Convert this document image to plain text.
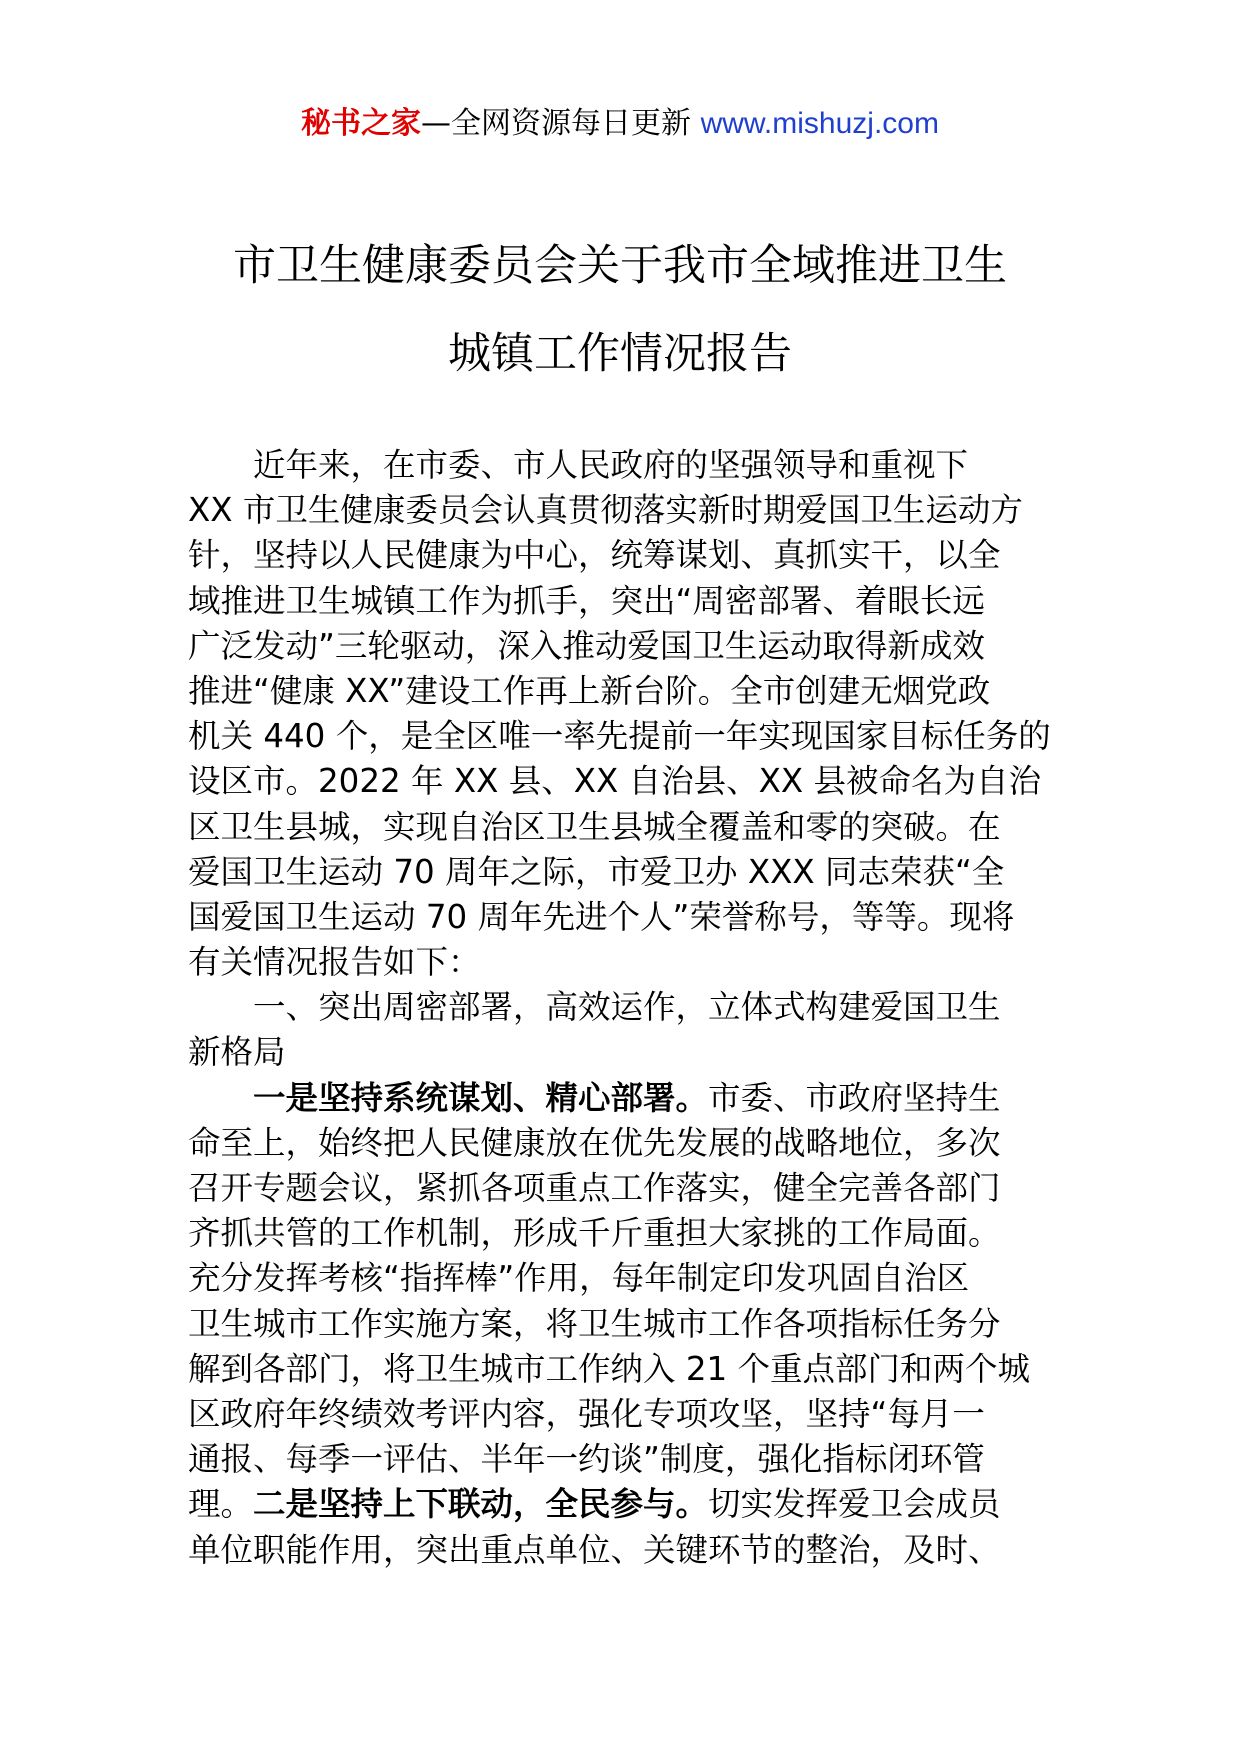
秘书之家—全网资源每日更新 www.mishuzj.com
市卫生健康委员会关于我市全域推进卫生
城镇工作情况报告
近年来，在市委、市人民政府的坚强领导和重视下
XX 市卫生健康委员会认真贯彻落实新时期爱国卫生运动方
针，坚持以人民健康为中心，统筹谋划、真抓实干，以全
域推进卫生城镇工作为抓手，突出“周密部署、着眼长远
广泛发动”三轮驱动，深入推动爱国卫生运动取得新成效
推进“健康 XX”建设工作再上新台阶。全市创建无烟党政
机关 440 个，是全区唯一率先提前一年实现国家目标任务的
设区市。2022 年 XX 县、XX 自治县、XX 县被命名为自治
区卫生县城，实现自治区卫生县城全覆盖和零的突破。在
爱国卫生运动 70 周年之际，市爱卫办 XXX 同志荣获“全
国爱国卫生运动 70 周年先进个人”荣誉称号，等等。现将
有关情况报告如下：
一、突出周密部署，高效运作，立体式构建爱国卫生
新格局
一是坚持系统谋划、精心部署。市委、市政府坚持生
命至上，始终把人民健康放在优先发展的战略地位，多次
召开专题会议，紧抓各项重点工作落实，健全完善各部门
齐抓共管的工作机制，形成千斤重担大家挑的工作局面。
充分发挥考核“指挥棒”作用，每年制定印发巩固自治区
卫生城市工作实施方案，将卫生城市工作各项指标任务分
解到各部门，将卫生城市工作纳入 21 个重点部门和两个城
区政府年终绩效考评内容，强化专项攻坚，坚持“每月一
通报、每季一评估、半年一约谈”制度，强化指标闭环管
理。二是坚持上下联动，全民参与。切实发挥爱卫会成员
单位职能作用，突出重点单位、关键环节的整治，及时、
